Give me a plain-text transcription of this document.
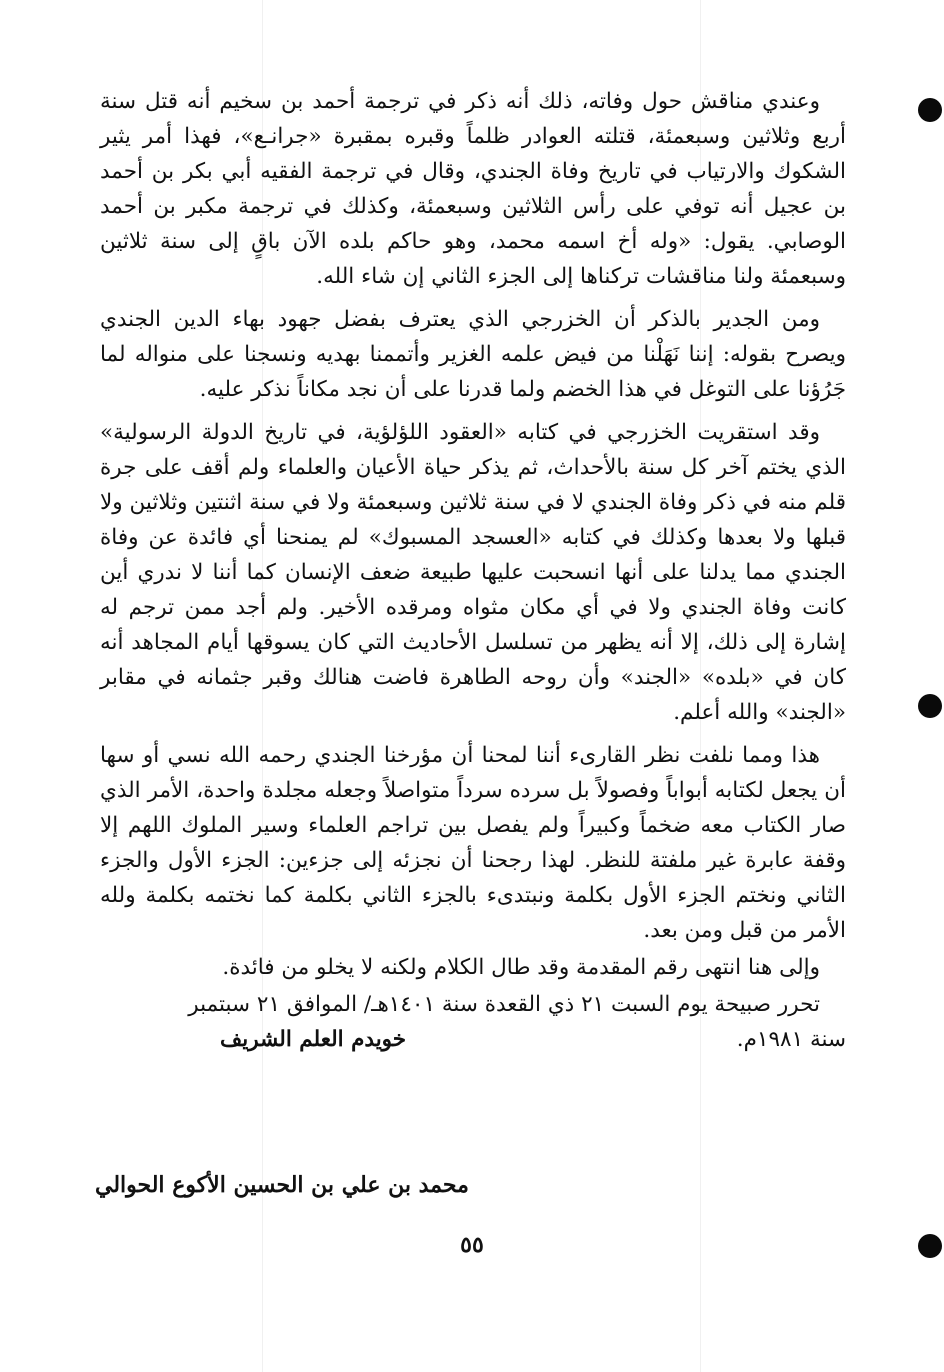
وعندي مناقش حول وفاته، ذلك أنه ذكر في ترجمة أحمد بن سخيم أنه قتل سنة أربع وثلاثين وسبعمئة، قتلته العوادر ظلماً وقبره بمقبرة «جرانـع»، فهذا أمر يثير الشكوك والارتياب في تاريخ وفاة الجندي، وقال في ترجمة الفقيه أبي بكر بن أحمد بن عجيل أنه توفي على رأس الثلاثين وسبعمئة، وكذلك في ترجمة مكبر بن أحمد الوصابي. يقول: «وله أخ اسمه محمد، وهو حاكم بلده الآن باقٍ إلى سنة ثلاثين وسبعمئة ولنا مناقشات تركناها إلى الجزء الثاني إن شاء الله.

ومن الجدير بالذكر أن الخزرجي الذي يعترف بفضل جهود بهاء الدين الجندي ويصرح بقوله: إننا نَهَلْنا من فيض علمه الغزير وأتممنا بهديه ونسجنا على منواله لما جَرُؤنا على التوغل في هذا الخضم ولما قدرنا على أن نجد مكاناً نذكر عليه.

وقد استقريت الخزرجي في كتابه «العقود اللؤلؤية، في تاريخ الدولة الرسولية» الذي يختم آخر كل سنة بالأحداث، ثم يذكر حياة الأعيان والعلماء ولم أقف على جرة قلم منه في ذكر وفاة الجندي لا في سنة ثلاثين وسبعمئة ولا في سنة اثنتين وثلاثين ولا قبلها ولا بعدها وكذلك في كتابه «العسجد المسبوك» لم يمنحنا أي فائدة عن وفاة الجندي مما يدلنا على أنها انسحبت عليها طبيعة ضعف الإنسان كما أننا لا ندري أين كانت وفاة الجندي ولا في أي مكان مثواه ومرقده الأخير. ولم أجد ممن ترجم له إشارة إلى ذلك، إلا أنه يظهر من تسلسل الأحاديث التي كان يسوقها أيام المجاهد أنه كان في «بلده» «الجند» وأن روحه الطاهرة فاضت هنالك وقبر جثمانه في مقابر «الجند» والله أعلم.

هذا ومما نلفت نظر القارىء أننا لمحنا أن مؤرخنا الجندي رحمه الله نسي أو سها أن يجعل لكتابه أبواباً وفصولاً بل سرده سرداً متواصلاً وجعله مجلدة واحدة، الأمر الذي صار الكتاب معه ضخماً وكبيراً ولم يفصل بين تراجم العلماء وسير الملوك اللهم إلا وقفة عابرة غير ملفتة للنظر. لهذا رجحنا أن نجزئه إلى جزءين: الجزء الأول والجزء الثاني ونختم الجزء الأول بكلمة ونبتدىء بالجزء الثاني بكلمة كما نختمه بكلمة ولله الأمر من قبل ومن بعد.

وإلى هنا انتهى رقم المقدمة وقد طال الكلام ولكنه لا يخلو من فائدة.

تحرر صبيحة يوم السبت ٢١ ذي القعدة سنة ١٤٠١هـ/ الموافق ٢١ سبتمبر

سنة ١٩٨١م.
خويدم العلم الشريف
محمد بن علي بن الحسين الأكوع الحوالي
٥٥
